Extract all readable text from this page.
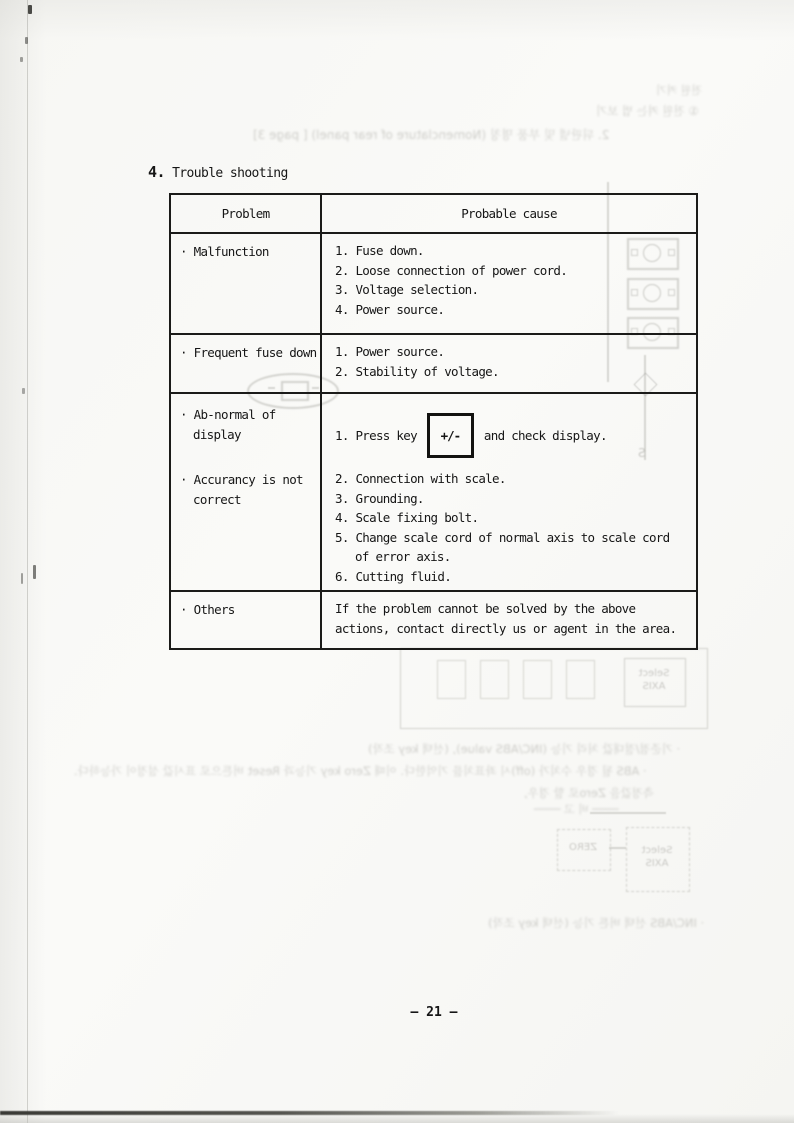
전원 켜기
① 전원 켜는 법 보기
2. 뒤판넬 및 부품 명칭 (Nomenclature of rear panel) [ page 3]
S
Select
AXIS
· 기준점/절대값 처리 기능 (INC/ABS value), (선택 key 조작)
· ABS 될 경우 수치가 (off)시 좌표치를 기억한다. 이때 Zero key 기능과 Reset 버튼으로 표시값 설정이 가능하다.
측정값을 Zero로 할 경우,
──── 비 고 ────
ZERO	Select
AXIS
· INC/ABS 선택 버튼 기능 (선택 key 조작)
4. Trouble shooting
Problem	Probable cause
· Malfunction	1. Fuse down.
2. Loose connection of power cord.
3. Voltage selection.
4. Power source.
· Frequent fuse down 1. Power source.
2. Stability of voltage.
· Ab-normal of
display
· Accurancy is not
correct
1. Press key	+/-	and check display.
2. Connection with scale.
3. Grounding.
4. Scale fixing bolt.
5. Change scale cord of normal axis to scale cord
of error axis.
6. Cutting fluid.
· Others	If the problem cannot be solved by the above
actions, contact directly us or agent in the area.
— 21 —
